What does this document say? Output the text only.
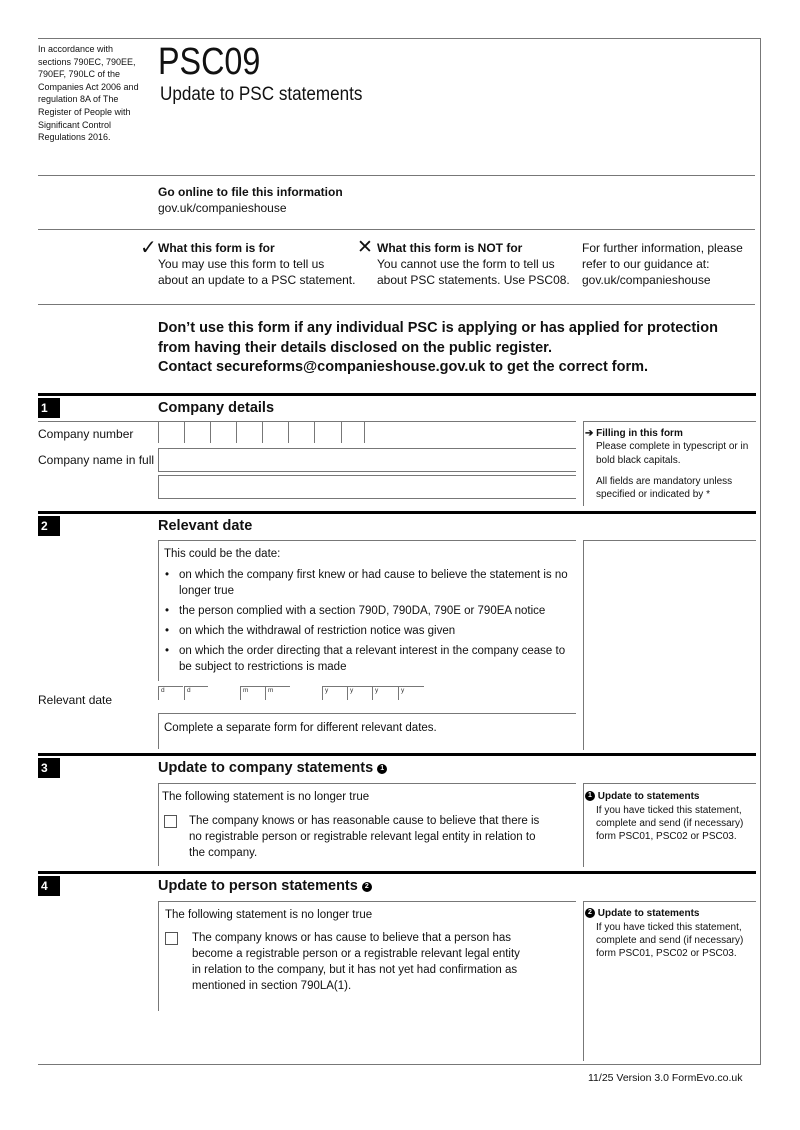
In accordance with sections 790EC, 790EE, 790EF, 790LC of the Companies Act 2006 and regulation 8A of The Register of People with Significant Control Regulations 2016.
PSC09
Update to PSC statements
Go online to file this information
gov.uk/companieshouse
✓ What this form is for
You may use this form to tell us
about an update to a PSC statement.
✕ What this form is NOT for
You cannot use the form to tell us
about PSC statements. Use PSC08.
For further information, please
refer to our guidance at:
gov.uk/companieshouse
Don’t use this form if any individual PSC is applying or has applied for protection
from having their details disclosed on the public register.
Contact secureforms@companieshouse.gov.uk to get the correct form.
1	Company details
Company number
Company name in full
➔ Filling in this form
Please complete in typescript or in
bold black capitals.
All fields are mandatory unless
specified or indicated by *
2	Relevant date
This could be the date:
• on which the company first knew or had cause to believe the statement is no longer true
• the person complied with a section 790D, 790DA, 790E or 790EA notice
• on which the withdrawal of restriction notice was given
• on which the order directing that a relevant interest in the company cease to be subject to restrictions is made
Relevant date
d	d	m	m	y	y	y	y
Complete a separate form for different relevant dates.
3	Update to company statements 1
The following statement is no longer true
The company knows or has reasonable cause to believe that there is
no registrable person or registrable relevant legal entity in relation to
the company.
1 Update to statements
If you have ticked this statement,
complete and send (if necessary)
form PSC01, PSC02 or PSC03.
4	Update to person statements 2
The following statement is no longer true
The company knows or has cause to believe that a person has
become a registrable person or a registrable relevant legal entity
in relation to the company, but it has not yet had confirmation as
mentioned in section 790LA(1).
2 Update to statements
If you have ticked this statement,
complete and send (if necessary)
form PSC01, PSC02 or PSC03.
11/25 Version 3.0 FormEvo.co.uk
